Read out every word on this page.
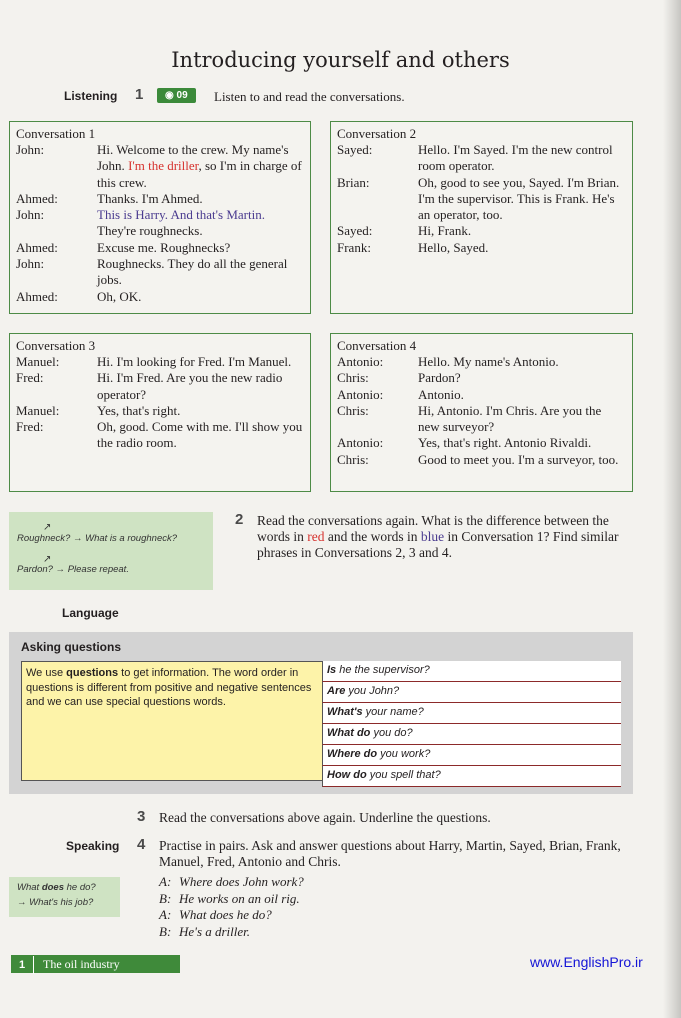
Introducing yourself and others
Listening 1	◉ 09	Listen to and read the conversations.
Conversation 1
John:	Hi. Welcome to the crew. My name's John. I'm the driller, so I'm in charge of this crew.
Ahmed:	Thanks. I'm Ahmed.
John:	This is Harry. And that's Martin. They're roughnecks.
Ahmed:	Excuse me. Roughnecks?
John:	Roughnecks. They do all the general jobs.
Ahmed:	Oh, OK.
Conversation 2
Sayed:	Hello. I'm Sayed. I'm the new control room operator.
Brian:	Oh, good to see you, Sayed. I'm Brian. I'm the supervisor. This is Frank. He's an operator, too.
Sayed:	Hi, Frank.
Frank:	Hello, Sayed.
Conversation 3
Manuel:	Hi. I'm looking for Fred. I'm Manuel.
Fred:	Hi. I'm Fred. Are you the new radio operator?
Manuel:	Yes, that's right.
Fred:	Oh, good. Come with me. I'll show you the radio room.
Conversation 4
Antonio:	Hello. My name's Antonio.
Chris:	Pardon?
Antonio:	Antonio.
Chris:	Hi, Antonio. I'm Chris. Are you the new surveyor?
Antonio:	Yes, that's right. Antonio Rivaldi.
Chris:	Good to meet you. I'm a surveyor, too.
↗
Roughneck? → What is a roughneck?
↗
Pardon? → Please repeat.
2 Read the conversations again. What is the difference between the words in red and the words in blue in Conversation 1? Find similar phrases in Conversations 2, 3 and 4.
Language
Asking questions
We use questions to get information. The word order in questions is different from positive and negative sentences and we can use special questions words.
Is he the supervisor?
Are you John?
What's your name?
What do you do?
Where do you work?
How do you spell that?
3 Read the conversations above again. Underline the questions.
Speaking 4 Practise in pairs. Ask and answer questions about Harry, Martin, Sayed, Brian, Frank, Manuel, Fred, Antonio and Chris.
A: Where does John work?
B: He works on an oil rig.
A: What does he do?
B: He's a driller.
What does he do?
→ What's his job?
1 The oil industry	www.EnglishPro.ir
